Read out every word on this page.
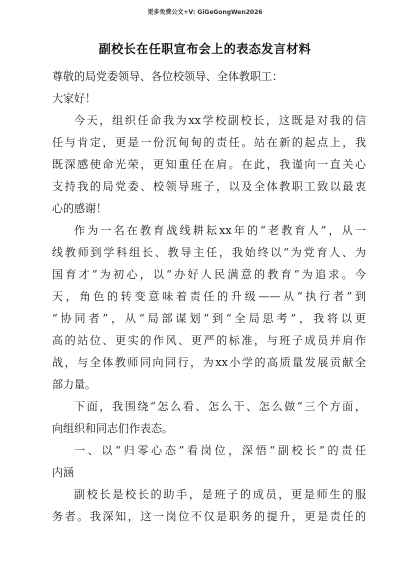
更多免费公文+V: GiGeGongWen2026
副校长在任职宣布会上的表态发言材料
尊敬的局党委领导、各位校领导、全体教职工：
大家好！
今天，组织任命我为xx学校副校长，这既是对我的信
任与肯定，更是一份沉甸甸的责任。站在新的起点上，我
既深感使命光荣，更知重任在肩。在此，我谨向一直关心
支持我的局党委、校领导班子，以及全体教职工致以最衷
心的感谢！
作为一名在教育战线耕耘xx年的“老教育人”，从一
线教师到学科组长、教导主任，我始终以“为党育人、为
国育才”为初心，以“办好人民满意的教育”为追求。今
天，角色的转变意味着责任的升级——从“执行者”到
“协同者”，从“局部谋划”到“全局思考”，我将以更
高的站位、更实的作风、更严的标准，与班子成员并肩作
战，与全体教师同向同行，为xx小学的高质量发展贡献全
部力量。
下面，我围绕“怎么看、怎么干、怎么做”三个方面，
向组织和同志们作表态。
一、以“归零心态”看岗位，深悟“副校长”的责任
内涵
副校长是校长的助手，是班子的成员，更是师生的服
务者。我深知，这一岗位不仅是职务的提升，更是责任的
